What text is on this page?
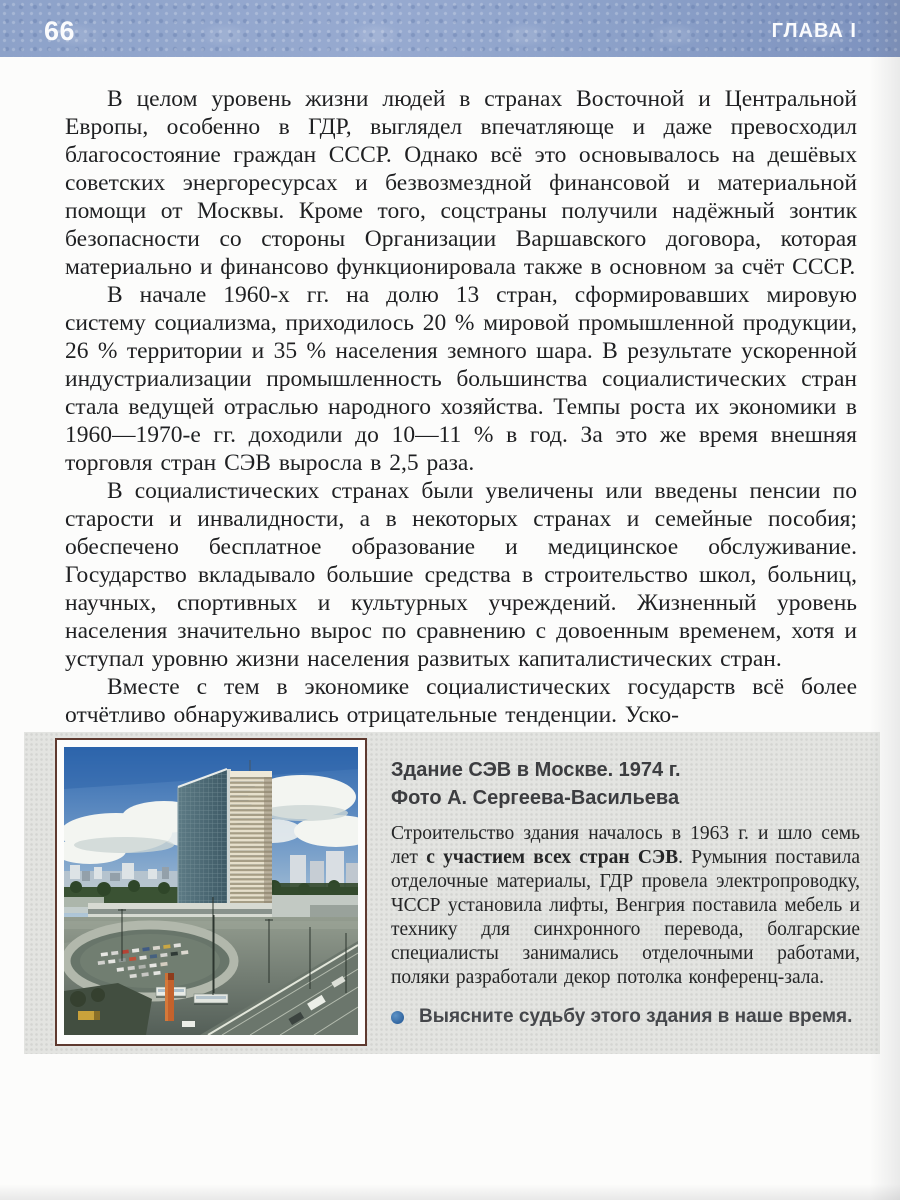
66	ГЛАВА I

В целом уровень жизни людей в странах Восточной и Центральной Европы, особенно в ГДР, выглядел впечатляюще и даже превосходил благосостояние граждан СССР. Однако всё это основывалось на дешёвых советских энергоресурсах и безвозмездной финансовой и материальной помощи от Москвы. Кроме того, соцстраны получили надёжный зонтик безопасности со стороны Организации Варшавского договора, которая материально и финансово функционировала также в основном за счёт СССР.

В начале 1960-х гг. на долю 13 стран, сформировавших мировую систему социализма, приходилось 20 % мировой промышленной продукции, 26 % территории и 35 % населения земного шара. В результате ускоренной индустриализации промышленность большинства социалистических стран стала ведущей отраслью народного хозяйства. Темпы роста их экономики в 1960—1970-е гг. доходили до 10—11 % в год. За это же время внешняя торговля стран СЭВ выросла в 2,5 раза.

В социалистических странах были увеличены или введены пенсии по старости и инвалидности, а в некоторых странах и семейные пособия; обеспечено бесплатное образование и медицинское обслуживание. Государство вкладывало большие средства в строительство школ, больниц, научных, спортивных и культурных учреждений. Жизненный уровень населения значительно вырос по сравнению с довоенным временем, хотя и уступал уровню жизни населения развитых капиталистических стран.

Вместе с тем в экономике социалистических государств всё более отчётливо обнаруживались отрицательные тенденции. Уско-

Здание СЭВ в Москве. 1974 г.
Фото А. Сергеева-Васильева

Строительство здания началось в 1963 г. и шло семь лет с участием всех стран СЭВ. Румыния поставила отделочные материалы, ГДР провела электропроводку, ЧССР установила лифты, Венгрия поставила мебель и технику для синхронного перевода, болгарские специалисты занимались отделочными работами, поляки разработали декор потолка конференц-зала.

Выясните судьбу этого здания в наше время.
